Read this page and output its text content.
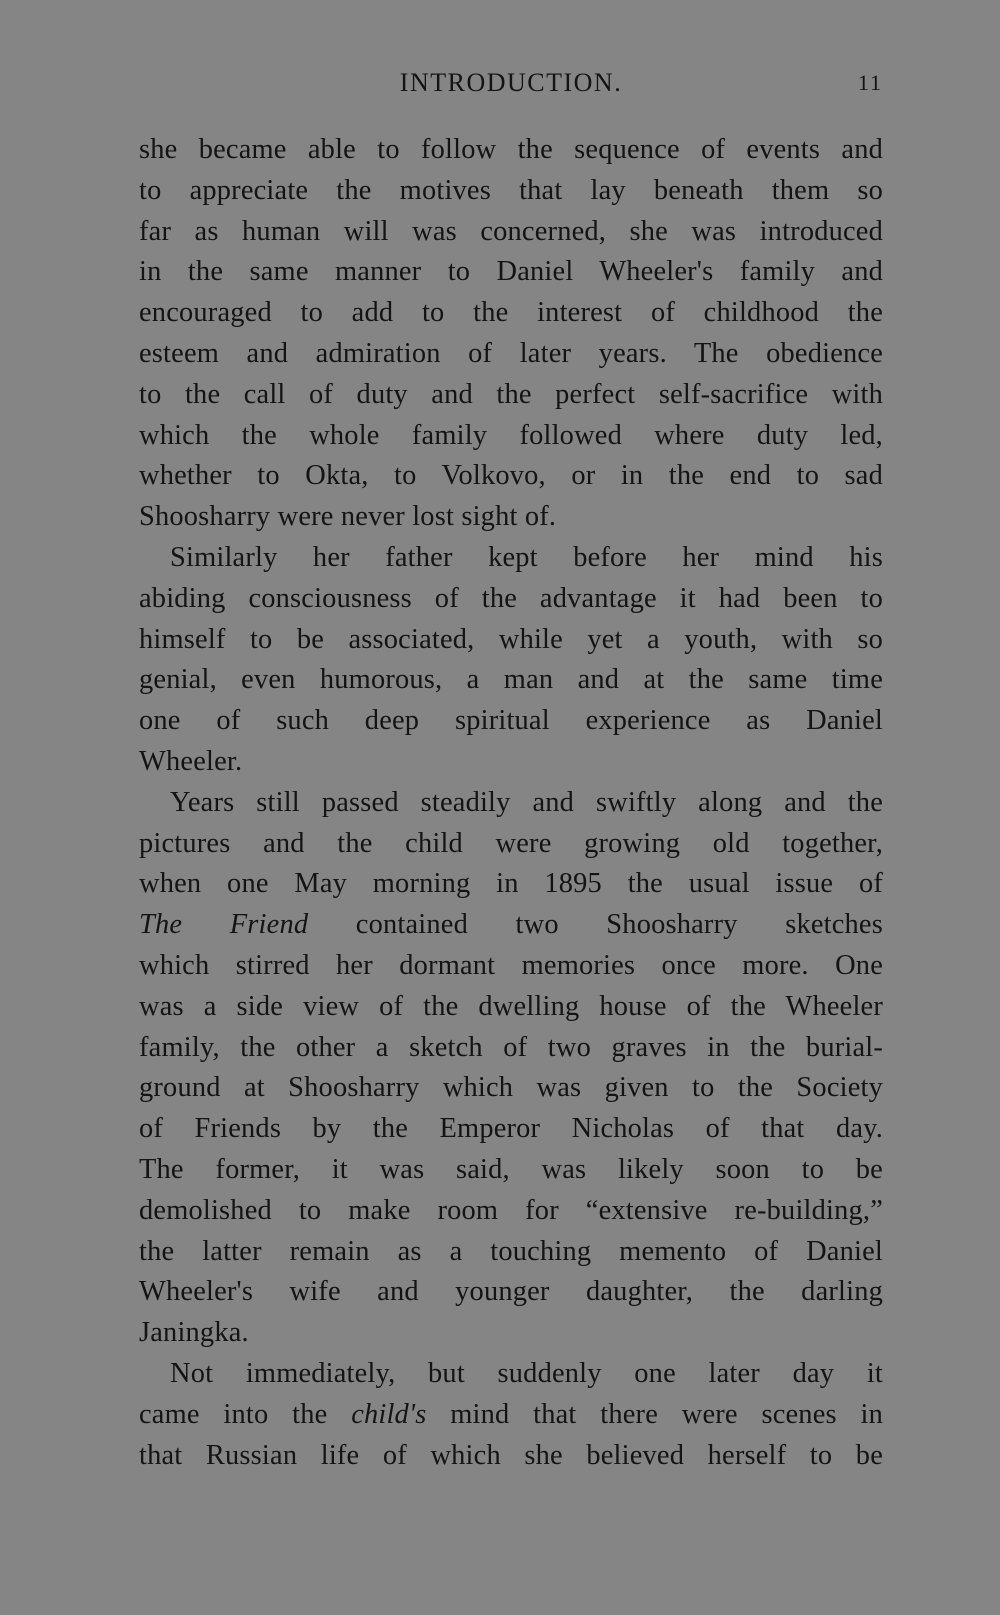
INTRODUCTION.	11

she became able to follow the sequence of events and
to appreciate the motives that lay beneath them so
far as human will was concerned, she was introduced
in the same manner to Daniel Wheeler's family and
encouraged to add to the interest of childhood the
esteem and admiration of later years. The obedience
to the call of duty and the perfect self-sacrifice with
which the whole family followed where duty led,
whether to Okta, to Volkovo, or in the end to sad
Shoosharry were never lost sight of.

Similarly her father kept before her mind his
abiding consciousness of the advantage it had been to
himself to be associated, while yet a youth, with so
genial, even humorous, a man and at the same time
one of such deep spiritual experience as Daniel
Wheeler.

Years still passed steadily and swiftly along and the
pictures and the child were growing old together,
when one May morning in 1895 the usual issue of
The Friend contained two Shoosharry sketches
which stirred her dormant memories once more. One
was a side view of the dwelling house of the Wheeler
family, the other a sketch of two graves in the burial-
ground at Shoosharry which was given to the Society
of Friends by the Emperor Nicholas of that day.
The former, it was said, was likely soon to be
demolished to make room for “extensive re-building,”
the latter remain as a touching memento of Daniel
Wheeler's wife and younger daughter, the darling
Janingka.

Not immediately, but suddenly one later day it
came into the child's mind that there were scenes in
that Russian life of which she believed herself to be
